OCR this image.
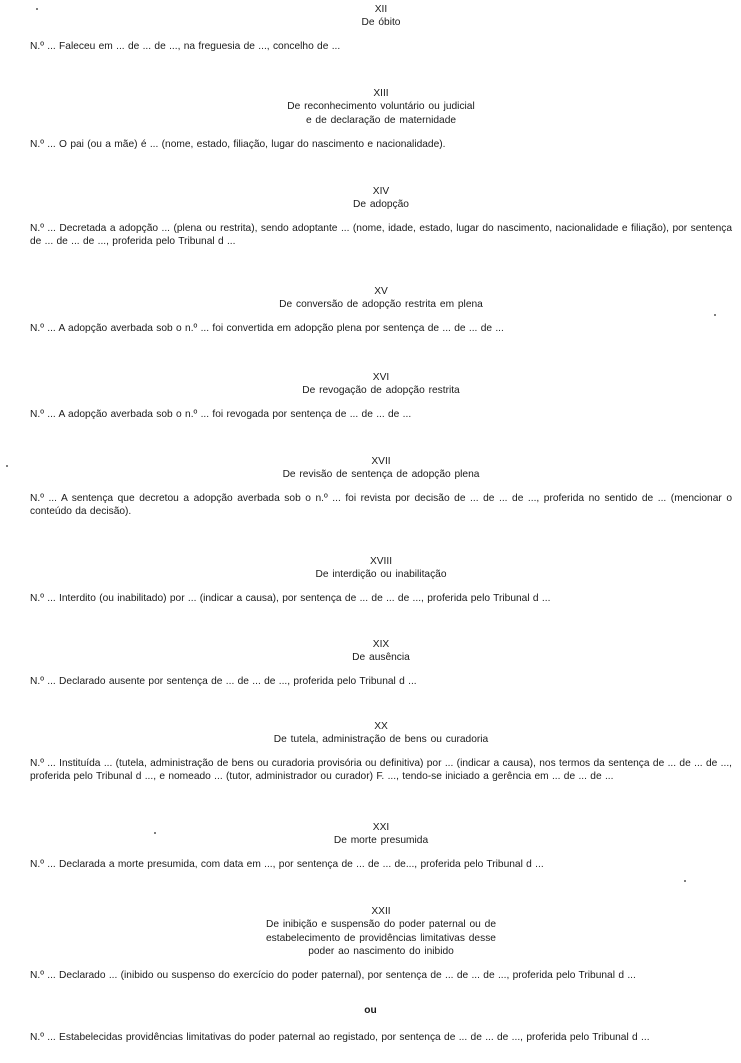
XII
De óbito
N.º ... Faleceu em ... de ... de ..., na freguesia de ..., concelho de ...
XIII
De reconhecimento voluntário ou judicial
e de declaração de maternidade
N.º ... O pai (ou a mãe) é ... (nome, estado, filiação, lugar do nascimento e nacionalidade).
XIV
De adopção
N.º ... Decretada a adopção ... (plena ou restrita), sendo adoptante ... (nome, idade, estado, lugar do nascimento, nacionalidade e filiação), por sentença de ... de ... de ..., proferida pelo Tribunal d ...
XV
De conversão de adopção restrita em plena
N.º ... A adopção averbada sob o n.º ... foi convertida em adopção plena por sentença de ... de ... de ...
XVI
De revogação de adopção restrita
N.º ... A adopção averbada sob o n.º ... foi revogada por sentença de ... de ... de ...
XVII
De revisão de sentença de adopção plena
N.º ... A sentença que decretou a adopção averbada sob o n.º ... foi revista por decisão de ... de ... de ..., proferida no sentido de ... (mencionar o conteúdo da decisão).
XVIII
De interdição ou inabilitação
N.º ... Interdito (ou inabilitado) por ... (indicar a causa), por sentença de ... de ... de ..., proferida pelo Tribunal d ...
XIX
De ausência
N.º ... Declarado ausente por sentença de ... de ... de ..., proferida pelo Tribunal d ...
XX
De tutela, administração de bens ou curadoria
N.º ... Instituída ... (tutela, administração de bens ou curadoria provisória ou definitiva) por ... (indicar a causa), nos termos da sentença de ... de ... de ..., proferida pelo Tribunal d ..., e nomeado ... (tutor, administrador ou curador) F. ..., tendo-se iniciado a gerência em ... de ... de ...
XXI
De morte presumida
N.º ... Declarada a morte presumida, com data em ..., por sentença de ... de ... de..., proferida pelo Tribunal d ...
XXII
De inibição e suspensão do poder paternal ou de
estabelecimento de providências limitativas desse
poder ao nascimento do inibido
N.º ... Declarado ... (inibido ou suspenso do exercício do poder paternal), por sentença de ... de ... de ..., proferida pelo Tribunal d ...
ou
N.º ... Estabelecidas providências limitativas do poder paternal ao registado, por sentença de ... de ... de ..., proferida pelo Tribunal d ...
